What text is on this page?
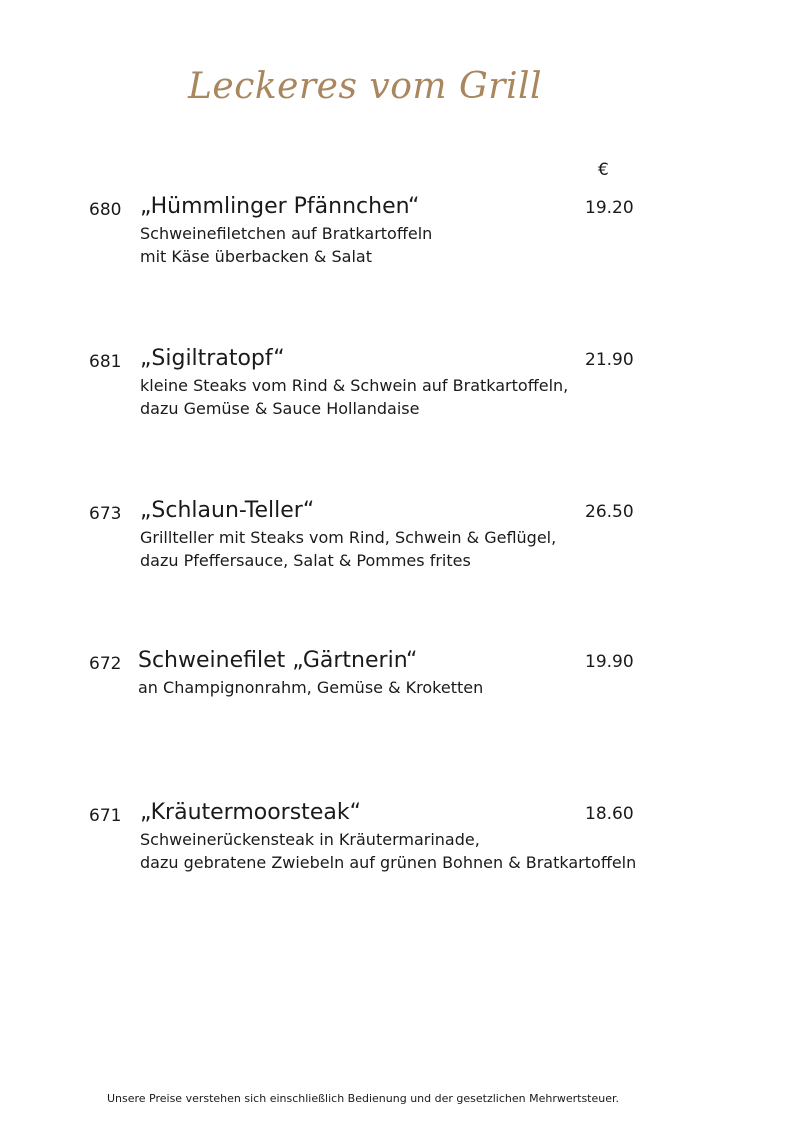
Leckeres vom Grill
€
680 „Hümmlinger Pfännchen“	19.20
Schweinefiletchen auf Bratkartoffeln
mit Käse überbacken & Salat
681 „Sigiltratopf“	21.90
kleine Steaks vom Rind & Schwein auf Bratkartoffeln,
dazu Gemüse & Sauce Hollandaise
673 „Schlaun-Teller“	26.50
Grillteller mit Steaks vom Rind, Schwein & Geflügel,
dazu Pfeffersauce, Salat & Pommes frites
672 Schweinefilet „Gärtnerin“	19.90
an Champignonrahm, Gemüse & Kroketten
671 „Kräutermoorsteak“	18.60
Schweinerückensteak in Kräutermarinade,
dazu gebratene Zwiebeln auf grünen Bohnen & Bratkartoffeln
Unsere Preise verstehen sich einschließlich Bedienung und der gesetzlichen Mehrwertsteuer.
